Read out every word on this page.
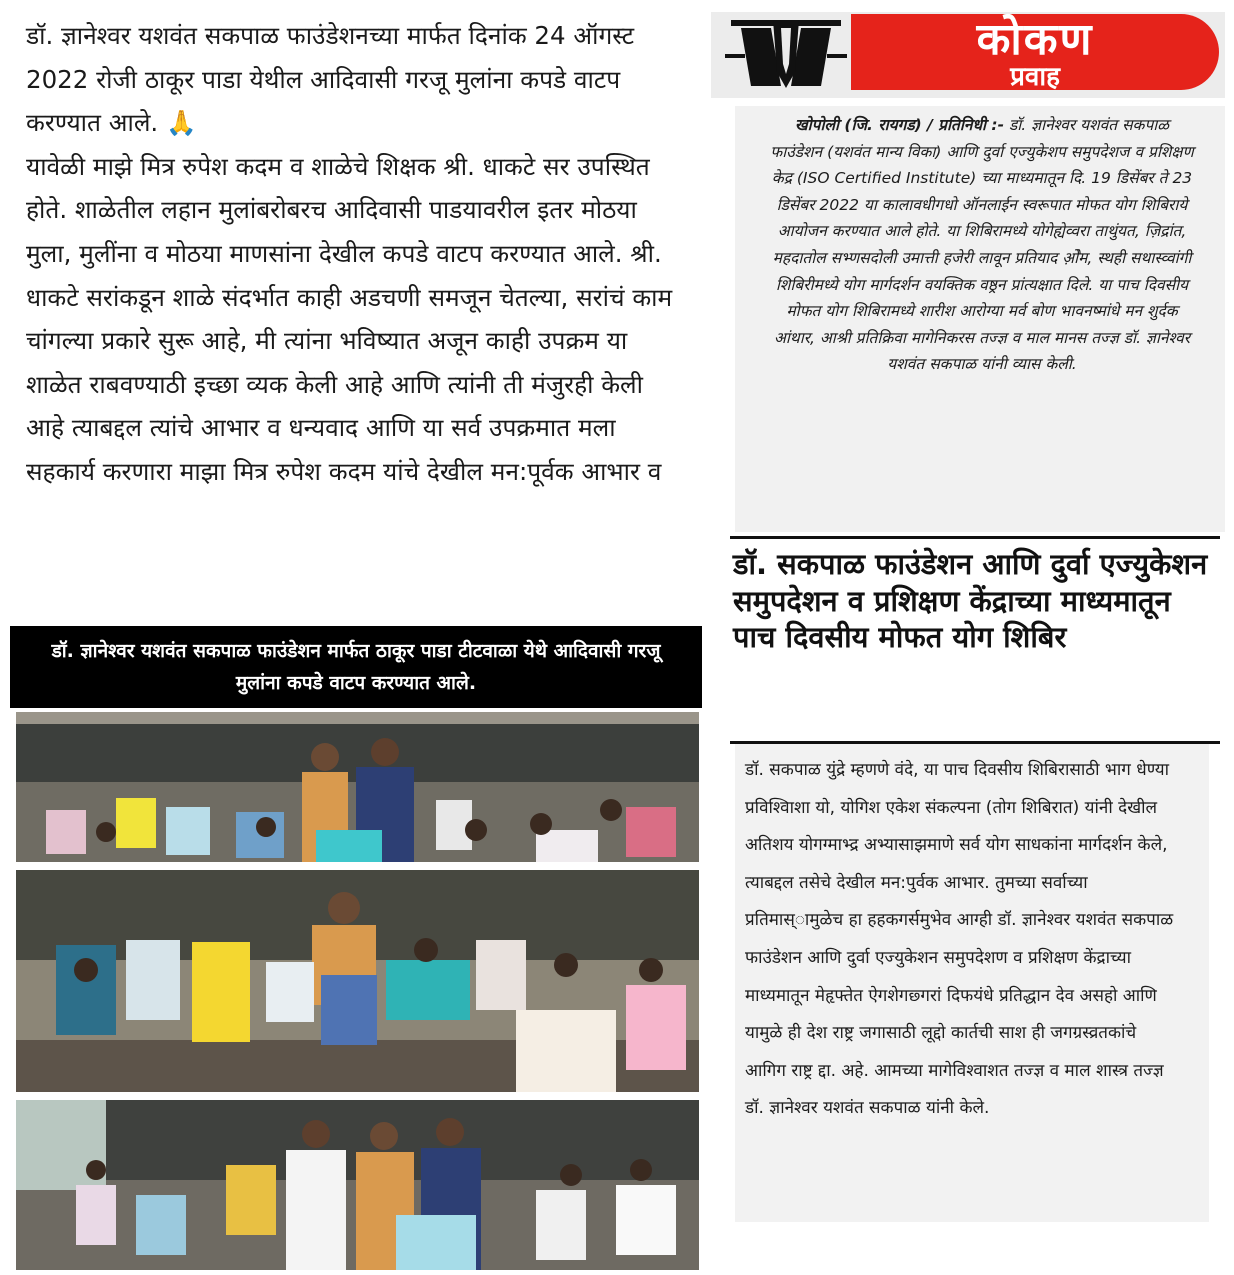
डॉ. ज्ञानेश्वर यशवंत सकपाळ फाउंडेशनच्या मार्फत दिनांक 24 ऑगस्ट 2022 रोजी ठाकूर पाडा येथील आदिवासी गरजू मुलांना कपडे वाटप करण्यात आले. 🙏

यावेळी माझे मित्र रुपेश कदम व शाळेचे शिक्षक श्री. धाकटे सर उपस्थित होते. शाळेतील लहान मुलांबरोबरच आदिवासी पाडयावरील इतर मोठया मुला, मुलींना व मोठया माणसांना देखील कपडे वाटप करण्यात आले. श्री. धाकटे सरांकडून शाळे संदर्भात काही अडचणी समजून चेतल्या, सरांचं काम चांगल्या प्रकारे सुरू आहे, मी त्यांना भविष्यात अजून काही उपक्रम या शाळेत राबवण्याठी इच्छा व्यक केली आहे आणि त्यांनी ती मंजुरही केली आहे त्याबद्दल त्यांचे आभार व धन्यवाद आणि या सर्व उपक्रमात मला सहकार्य करणारा माझा मित्र रुपेश कदम यांचे देखील मन:पूर्वक आभार व

डॉ. ज्ञानेश्वर यशवंत सकपाळ फाउंडेशन मार्फत ठाकूर पाडा टीटवाळा येथे आदिवासी गरजू मुलांना कपडे वाटप करण्यात आले.
कोकण
प्रवाह
खोपोली (जि. रायगड) / प्रतिनिधी :- डॉ. ज्ञानेश्वर यशवंत सकपाळ फाउंडेशन (यशवंत मान्य विका) आणि दुर्वा एज्युकेशप समुपदेशज व प्रशिक्षण केद्र (ISO Certified Institute) च्या माध्यमातून दि. 19 डिसेंबर ते 23 डिसेंबर 2022 या कालावधीगधो ऑनलाईन स्वरूपात मोफत योग शिबिराये आयोजन करण्यात आले होते. या शिबिरामध्ये योगेह्येव्वरा ताथुंयत, ज़िद्रांत, महदातोल सभ्णसदोली उमात्ती हजेरी लावून प्रतियाद ओ़ेम, स्थही सथास्व्वांगी शिबिरीमध्ये योग मार्गदर्शन वयक्तिक वष्ठ्रन प्रांत्यक्षात दिले. या पाच दिवसीय मोफत योग शिबिरामध्ये शारीश आरोग्या मर्व बोण भावनष्मांधे मन शुर्दक आंथार, आश्री प्रतिक्रिवा मागेनिकरस तज्ज्ञ व माल मानस तज्ज्ञ डॉ. ज्ञानेश्वर यशवंत सकपाळ यांनी व्यास केली.
डॉ. सकपाळ फाउंडेशन आणि दुर्वा एज्युकेशन समुपदेशन व प्रशिक्षण केंद्राच्या माध्यमातून पाच दिवसीय मोफत योग शिबिर
डॉ. सकपाळ युंद्रे म्हणणे वंदे, या पाच दिवसीय शिबिरासाठी भाग धेण्या प्रविश्विाशा यो, योगिश एकेश संकल्पना (तोग शिबिरात) यांनी देखील अतिशय योगग्माभ्द्र अभ्यासाझमाणे सर्व योग साधकांना मार्गदर्शन केले, त्याबद्दल तसेचे देखील मन:पुर्वक आभार. तुमच्या सर्वाच्या प्रतिमास्ामुळेच हा हहकगर्समुभेव आग्ही डॉ. ज्ञानेश्वर यशवंत सकपाळ फाउंडेशन आणि दुर्वा एज्युकेशन समुपदेशण व प्रशिक्षण केंद्राच्या माध्यमातून मेहृफ्तेत ऐगशेगछ्गरां दिफयंधे प्रतिद्धान देव असहो आणि यामुळे ही देश राष्ट्र जगासाठी लूद्दो कार्तची साश ही जगग्रस्व्रतकांचे आगिग राष्ट्र द्दा. अहे. आमच्या मागेविश्वाशत तज्ज्ञ व माल शास्त्र तज्ज्ञ डॉ. ज्ञानेश्वर यशवंत सकपाळ यांनी केले.
